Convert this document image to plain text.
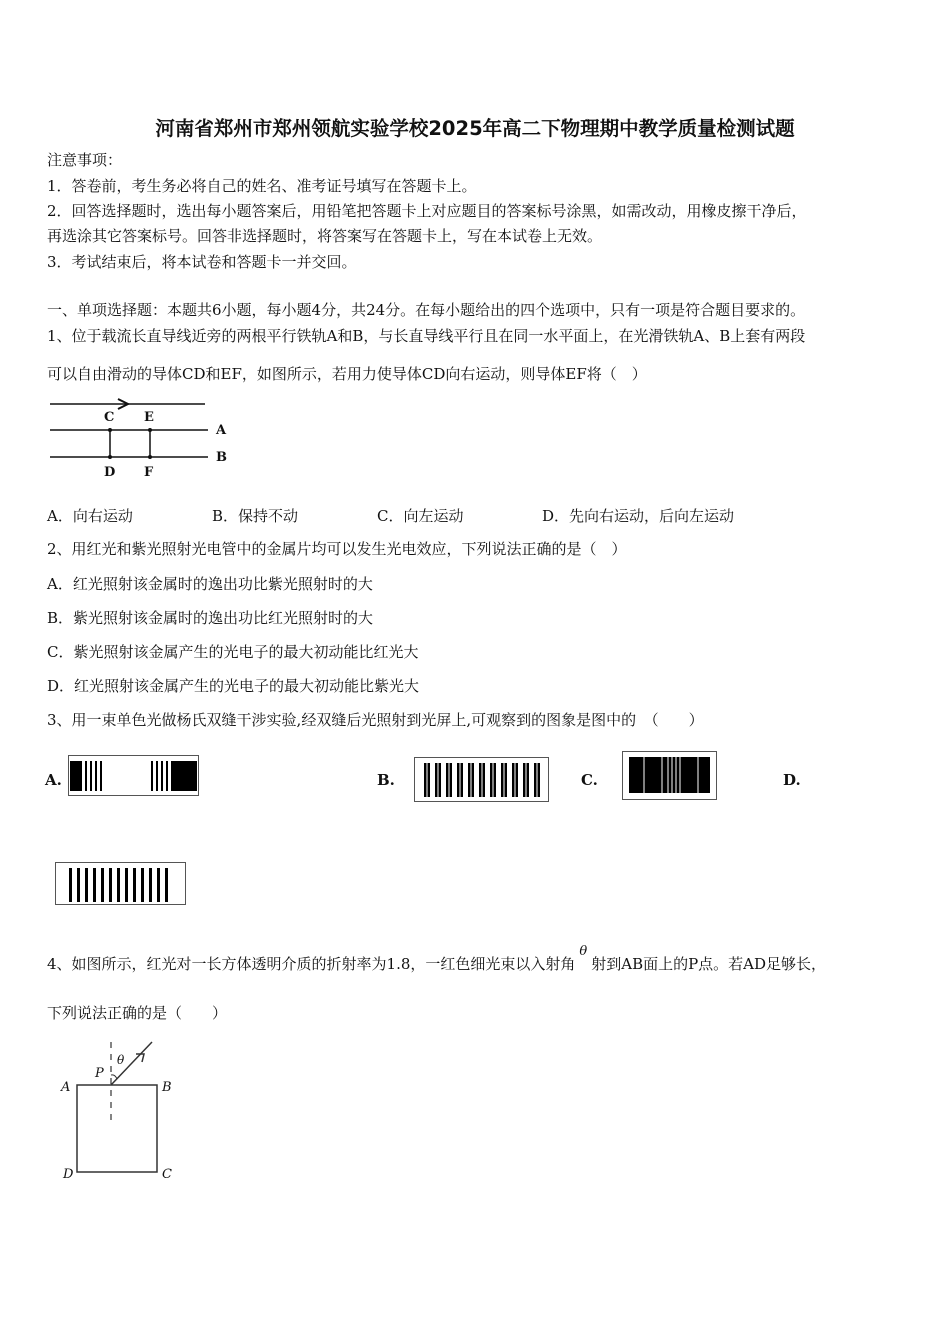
河南省郑州市郑州领航实验学校2025年高二下物理期中教学质量检测试题
注意事项：
1．答卷前，考生务必将自己的姓名、准考证号填写在答题卡上。
2．回答选择题时，选出每小题答案后，用铅笔把答题卡上对应题目的答案标号涂黑，如需改动，用橡皮擦干净后，
再选涂其它答案标号。回答非选择题时，将答案写在答题卡上，写在本试卷上无效。
3．考试结束后，将本试卷和答题卡一并交回。
一、单项选择题：本题共6小题，每小题4分，共24分。在每小题给出的四个选项中，只有一项是符合题目要求的。
1、位于载流长直导线近旁的两根平行铁轨A和B，与长直导线平行且在同一水平面上，在光滑铁轨A、B上套有两段
可以自由滑动的导体CD和EF，如图所示，若用力使导体CD向右运动，则导体EF将（　）
C E
A
B
D F
A．向右运动	B．保持不动	C．向左运动	D．先向右运动，后向左运动
2、用红光和紫光照射光电管中的金属片均可以发生光电效应，下列说法正确的是（　）
A．红光照射该金属时的逸出功比紫光照射时的大
B．紫光照射该金属时的逸出功比红光照射时的大
C．紫光照射该金属产生的光电子的最大初动能比红光大
D．红光照射该金属产生的光电子的最大初动能比紫光大
3、用一束单色光做杨氏双缝干涉实验,经双缝后光照射到光屏上,可观察到的图象是图中的　（　　）
A.	B.	C.	D.
4、如图所示，红光对一长方体透明介质的折射率为1.8，一红色细光束以入射角θ射到AB面上的P点。若AD足够长，
下列说法正确的是（　　）
P
θ
A	B
D	C
